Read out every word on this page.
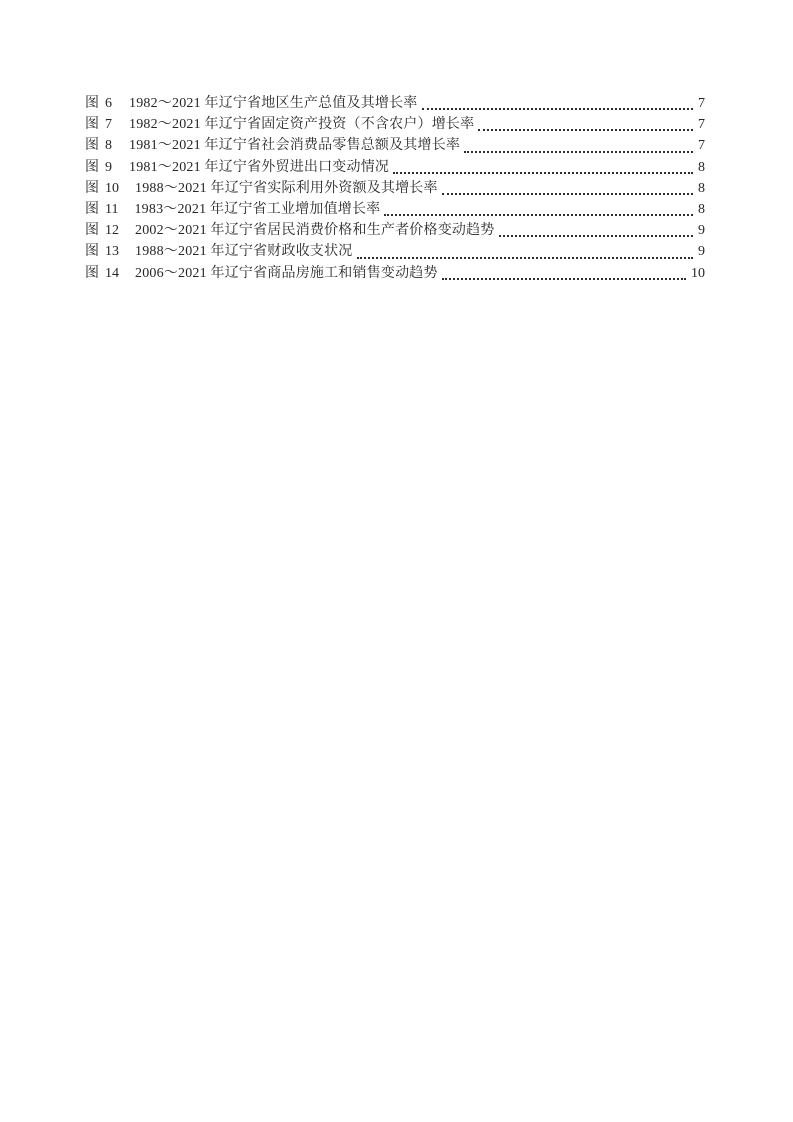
图 6 1982～2021 年辽宁省地区生产总值及其增长率	7
图 7 1982～2021 年辽宁省固定资产投资（不含农户）增长率	7
图 8 1981～2021 年辽宁省社会消费品零售总额及其增长率	7
图 9 1981～2021 年辽宁省外贸进出口变动情况	8
图 10 1988～2021 年辽宁省实际利用外资额及其增长率	8
图 11 1983～2021 年辽宁省工业增加值增长率	8
图 12 2002～2021 年辽宁省居民消费价格和生产者价格变动趋势	9
图 13 1988～2021 年辽宁省财政收支状况	9
图 14 2006～2021 年辽宁省商品房施工和销售变动趋势	10
